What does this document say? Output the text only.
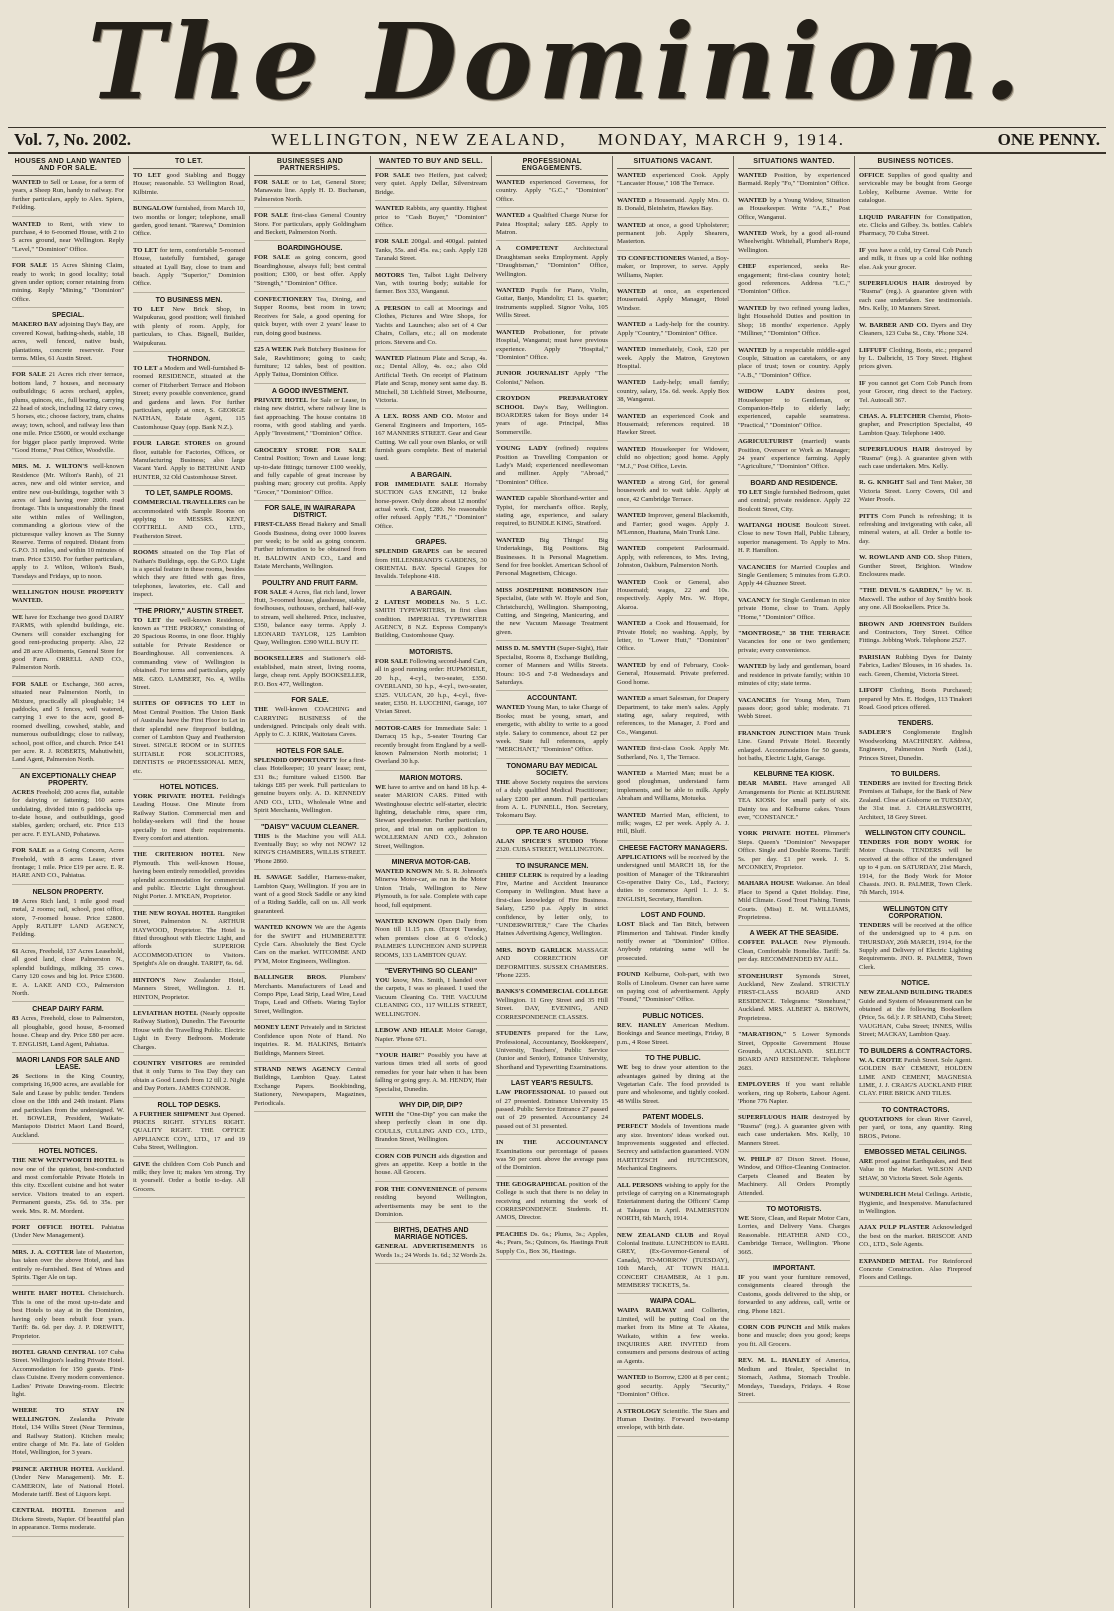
The Dominion.
Vol. 7, No. 2002.	WELLINGTON, NEW ZEALAND, MONDAY, MARCH 9, 1914.	ONE PENNY.
HOUSES AND LAND WANTED AND FOR SALE.
WANTED to Sell or Lease, for a term of years, a Sheep Run, handy to railway. For further particulars, apply to Alex. Spiers, Feilding.
WANTED to Rent, with view to purchase, 4 to 6-roomed House, with 2 to 5 acres ground, near Wellington. Reply "Level," "Dominion" Office.
FOR SALE 15 Acres Shining Claim, ready to work; in good locality; total given under option; corner retaining from mining. Reply "Mining," "Dominion" Office.
SPECIAL.
MAKERO BAY adjoining Day's Bay, are covered Kowai, bathing-sheds, stable, 18 acres, well fenced, native bush, plantations, concrete reservoir. Four terms. Miles, 61 Austin Street.
FOR SALE 21 Acres rich river terrace, bottom land, 7 houses, and necessary outbuildings; 6 acres orchard, apples, plums, quinces, etc., full bearing, carrying 22 head of stock, including 12 dairy cows, 5 horses, etc.; choose factory, tram, chains away; town, school, and railway less than one mile. Price £5600, or would exchange for bigger place partly improved. Write "Good Home," Post Office, Woodville.
MRS. M. J. WILTON'S well-known Residence (Mr. Wilton's Ranh), of 21 acres, new and old winter service, and entire new out-buildings, together with 3 acres of land having over 200ft. road frontage. This is unquestionably the finest site within miles of Wellington, commanding a glorious view of the picturesque valley known as The Sunny Reserve. Terms of required. Distant from G.P.O. 31 miles, and within 10 minutes of tram. Price £3150. For further particulars, apply to J. Wilton, Wilton's Bush, Tuesdays and Fridays, up to noon.
WELLINGTON HOUSE PROPERTY WANTED.
WE have for Exchange two good DAIRY FARMS, with splendid buildings, etc. Owners will consider exchanging for good rent-producing property. Also, 22 and 28 acre Allotments, General Store for good Farm. ORRELL AND CO., Palmerston North.
FOR SALE or Exchange, 360 acres, situated near Palmerston North, in Mixture, practically all ploughable; 14 paddocks, and 5 fences, well watered, carrying 1 ewe to the acre, good 8-roomed dwelling, cowshed, stable, and numerous outbuildings; close to railway, school, post office, and church. Price £41 per acre. R. J. ROBERTS, Mahutiwhiti, Land Agent, Palmerston North.
AN EXCEPTIONALLY CHEAP PROPERTY.
ACRES Freehold; 200 acres flat, suitable for dairying or fattening; 160 acres undulating, divided into 6 paddocks up-to-date house, and outbuildings, good stables, garden; orchard, etc. Price £13 per acre. F. EYLAND, Pohatawa.
FOR SALE as a Going Concern, Acres Freehold, with 8 acres Lease; river frontage; 1 mile. Price £19 per acre. E. R. HARE AND CO., Pahiatua.
NELSON PROPERTY.
10 Acres Rich land, 1 mile good road metal, 2 rooms; rail, school, post office, store, 7-roomed house. Price £2800. Apply RATLIFF LAND AGENCY, Feilding.
61 Acres, Freehold, 137 Acres Leasehold, all good land, close Palmerston N., splendid buildings, milking 35 cows. Carry 120 cows and big lot. Price £3600. E. A. LAKE AND CO., Palmerston North.
CHEAP DAIRY FARM.
83 Acres, Freehold, close to Palmerston, all ploughable, good house, 8-roomed house. Cheap and dry. Price £80 per acre. T. ENGLISH, Land Agent, Pahiatua.
MAORI LANDS FOR SALE AND LEASE.
26 Sections in the King Country, comprising 16,900 acres, are available for Sale and Lease by public tender. Tenders close on the 18th and 24th instant. Plans and particulars from the undersigned. W. H. BOWLER, President, Waikato-Maniapoto District Maori Land Board, Auckland.
HOTEL NOTICES.
THE NEW WENTWORTH HOTEL is now one of the quietest, best-conducted and most comfortable Private Hotels in this city. Excellent cuisine and hot water service. Visitors treated to an expert. Permanent guests, 25s. 6d. to 35s. per week. Mrs. R. M. Mordent.
PORT OFFICE HOTEL Pahiatua (Under New Management).
MRS. J. A. COTTER late of Masterton, has taken over the above Hotel, and has entirely re-furnished. Best of Wines and Spirits. Tiger Ale on tap.
WHITE HART HOTEL Christchurch. This is one of the most up-to-date and best Hotels to stay at in the Dominion, having only been rebuilt four years. Tariff: 8s. 6d. per day. J. P. DREWITT, Proprietor.
HOTEL GRAND CENTRAL 107 Cuba Street. Wellington's leading Private Hotel. Accommodation for 150 guests. First-class Cuisine. Every modern convenience. Ladies' Private Drawing-room. Electric light.
WHERE TO STAY IN WELLINGTON. Zealandia Private Hotel, 134 Willis Street (Near Terminus, and Railway Station). Kitchen meals; entire charge of Mr. Fa. late of Golden Hotel, Wellington, for 3 years.
PRINCE ARTHUR HOTEL Auckland. (Under New Management). Mr. E. CAMERON, late of National Hotel. Moderate tariff. Best of Liquors kept.
CENTRAL HOTEL Emerson and Dickens Streets, Napier. Of beautiful plan in appearance. Terms moderate.
TO LET.
TO LET good Stabling and Buggy House; reasonable. 53 Wellington Road, Kilbirnie.
BUNGALOW furnished, from March 10, two months or longer; telephone, small garden, good tenant. "Rarewa," Dominion Office.
TO LET for term, comfortable 5-roomed House, tastefully furnished, garage situated at Lyall Bay, close to tram and beach. Apply "Superior," Dominion Office.
TO BUSINESS MEN.
TO LET New Brick Shop, in Waipukurau, good position; well finished with plenty of room. Apply, for particulars, to Chas. Bignell, Builder, Waipukurau.
THORNDON.
TO LET a Modern and Well-furnished 8-roomed RESIDENCE, situated at the corner of Fitzherbert Terrace and Hobson Street; every possible convenience, grand and gardens and lawn. For further particulars, apply at once, S. GEORGE NATHAN, Estate Agent, 115 Customhouse Quay (opp. Bank N.Z.).
FOUR LARGE STORES on ground floor, suitable for Factories, Offices, or Manufacturing Business; also large Vacant Yard. Apply to BETHUNE AND HUNTER, 32 Old Customhouse Street.
TO LET, SAMPLE ROOMS.
COMMERCIAL TRAVELLERS can be accommodated with Sample Rooms on applying to MESSRS. KENT, COTTRELL AND CO., LTD., Featherston Street.
ROOMS situated on the Top Flat of Nathan's Buildings, opp. the G.P.O. Light is a special feature in these rooms, besides which they are fitted with gas fires, telephones, lavatories, etc. Call and inspect.
"THE PRIORY," AUSTIN STREET.
TO LET the well-known Residence, known as "THE PRIORY," consisting of 20 Spacious Rooms, in one floor. Highly suitable for Private Residence or Boardinghouse. All conveniences. A commanding view of Wellington is obtained. For terms and particulars, apply MR. GEO. LAMBERT, No. 4, Willis Street.
SUITES OF OFFICES TO LET in Most Central Position. The Union Bank of Australia have the First Floor to Let in their splendid new fireproof building, corner of Lambton Quay and Featherston Street. SINGLE ROOM or in SUITES SUITABLE FOR SOLICITORS, DENTISTS or PROFESSIONAL MEN, etc.
HOTEL NOTICES.
YORK PRIVATE HOTEL Feilding's Leading House. One Minute from Railway Station. Commercial men and holiday-seekers will find the house specially to meet their requirements. Every comfort and attention.
THE CRITERION HOTEL New Plymouth. This well-known House, having been entirely remodelled, provides splendid accommodation for commercial and public. Electric Light throughout. Night Porter. J. M'KEAN, Proprietor.
THE NEW ROYAL HOTEL Rangitikei Street, Palmerston N. ARTHUR HAYWOOD, Proprietor. The Hotel is fitted throughout with Electric Light, and affords SUPERIOR ACCOMMODATION to Visitors. Speight's Ale on draught. TARIFF, 6s. 6d.
HINTON'S New Zealander Hotel, Manners Street, Wellington. J. H. HINTON, Proprietor.
LEVIATHAN HOTEL (Nearly opposite Railway Station), Dunedin. The Favourite House with the Travelling Public. Electric Light in Every Bedroom. Moderate Charges.
COUNTRY VISITORS are reminded that it only Turns to Tea Day they can obtain a Good Lunch from 12 till 2. Night and Day Porters. JAMES CONNOR.
ROLL TOP DESKS.
A FURTHER SHIPMENT Just Opened. PRICES RIGHT. STYLES RIGHT. QUALITY RIGHT. THE OFFICE APPLIANCE COY., LTD., 17 and 19 Cuba Street, Wellington.
GIVE the children Corn Cob Punch and milk; they love it; makes 'em strong. Try it yourself. Order a bottle to-day. All Grocers.
BUSINESSES AND PARTNERSHIPS.
FOR SALE or to Let, General Store; Manawatu line. Apply H. D. Buchanan, Palmerston North.
FOR SALE first-class General Country Store. For particulars, apply Goldingham and Beckett, Palmerston North.
BOARDINGHOUSE.
FOR SALE as going concern, good Boardinghouse, always full; best central position; £300, or best offer. Apply "Strength," "Dominion" Office.
CONFECTIONERY Tea, Dining, and Supper Rooms, best room in town; Receives for Sale, a good opening for quick buyer, with over 2 years' lease to run, doing good business.
£25 A WEEK Park Butchery Business for Sale, Rawhitimore; going to cash; furniture; 12 tables, best of position. Apply Taitua, Dominion Office.
A GOOD INVESTMENT.
PRIVATE HOTEL for Sale or Lease, in rising new district, where railway line is fast approaching. The house contains 18 rooms, with good stabling and yards. Apply "Investment," "Dominion" Office.
GROCERY STORE FOR SALE Central Position; Town and Lease long; up-to-date fittings; turnover £100 weekly, and fully capable of great increase by pushing man; grocery cut profits. Apply "Grocer," "Dominion" Office.
FOR SALE, IN WAIRARAPA DISTRICT.
FIRST-CLASS Bread Bakery and Small Goods Business, doing over 1000 loaves per week; to be sold as going concern. Further information to be obtained from H. BALDWIN AND CO., Land and Estate Merchants, Wellington.
POULTRY AND FRUIT FARM.
FOR SALE 4 Acres, flat rich land, lower Hutt, 3-roomed house, glasshouse, stable, fowlhouses, outhouses, orchard, half-way to stream, well sheltered. Price, inclusive, £350, balance easy terms. Apply J. LEONARD TAYLOR, 125 Lambton Quay, Wellington. £390 WILL BUY IT.
BOOKSELLERS and Stationer's old-established, main street, living rooms, large, cheap rent. Apply BOOKSELLER, P.O. Box 477, Wellington.
FOR SALE.
THE Well-known COACHING and CARRYING BUSINESS of the undersigned. Principals only dealt with. Apply to C. J. KIRK, Waitotara Caves.
HOTELS FOR SALE.
SPLENDID OPPORTUNITY for a first-class Hotelkeeper; 10 years' lease; rent, £31 8s.; furniture valued £1500. Bar takings £85 per week. Full particulars to genuine buyers only. A. D. KENNEDY AND CO., LTD., Wholesale Wine and Spirit Merchants, Wellington.
"DAISY" VACUUM CLEANER.
THIS is the Machine you will ALL Eventually Buy; so why not NOW? 12 KING'S CHAMBERS, WILLIS STREET. 'Phone 2860.
H. SAVAGE Saddler, Harness-maker, Lambton Quay, Wellington. If you are in want of a good Stock Saddle or any kind of a Riding Saddle, call on us. All work guaranteed.
WANTED KNOWN We are the Agents for the SWIFT and HUMBERETTE Cycle Cars. Absolutely the Best Cycle Cars on the market. WITCOMBE AND PYM, Motor Engineers, Wellington.
BALLINGER BROS. Plumbers' Merchants. Manufacturers of Lead and Compo Pipe, Lead Strip, Lead Wire, Lead Traps, Lead and Offsets. Waring Taylor Street, Wellington.
MONEY LENT Privately and in Strictest Confidence upon Note of Hand. No inquiries. R. M. HALKINS, Britain's Buildings, Manners Street.
STRAND NEWS AGENCY Central Buildings, Lambton Quay. Latest Exchange Papers. Bookbinding, Stationery, Newspapers, Magazines, Periodicals.
WANTED TO BUY AND SELL.
FOR SALE two Heifers, just calved; very quiet. Apply Dellar, Silverstream Bridge.
WANTED Rabbits, any quantity. Highest price to "Cash Buyer," "Dominion" Office.
FOR SALE 200gal. and 400gal. painted Tanks, 55s. and 45s. ea.; cash. Apply 128 Taranaki Street.
MOTORS Ten, Talbot Light Delivery Van, with touring body; suitable for farmer. Box 333, Wanganui.
A PERSON to call at Moorings and Clothes, Pictures and Wire Shops, for Yachts and Launches; also set of 4 Oar Chairs, Collars, etc.; all on moderate prices. Stevens and Co.
WANTED Platinum Plate and Scrap, 4s. oz.; Dental Alloy, 4s. oz.; also Old Artificial Teeth. On receipt of Platinum Plate and Scrap, money sent same day. B. Mitchell, 38 Lichfield Street, Melbourne, Victoria.
A LEX. ROSS AND CO. Motor and General Engineers and Importers, 165-167 MANNERS STREET. Gear and Gear Cutting. We call your own Blanks, or will furnish gears complete. Best of material used.
A BARGAIN.
FOR IMMEDIATE SALE Hornsby SUCTION GAS ENGINE, 12 brake horse-power. Only done about 12 months' actual work. Cost, £280. No reasonable offer refused. Apply "F.H.," "Dominion" Office.
GRAPES.
SPLENDID GRAPES can be secured from HILLENBRAND'S GARDENS, 30 ORIENTAL BAY. Special Grapes for Invalids. Telephone 418.
A BARGAIN.
2 LATEST MODELS No. 5 L.C. SMITH TYPEWRITERS, in first class condition. IMPERIAL TYPEWRITER AGENCY, 8 N.Z. Express Company's Building, Customhouse Quay.
MOTORISTS.
FOR SALE Following second-hand Cars, all in good running order: HUPMOBILE, 20 h.p., 4-cyl., two-seater, £350. OVERLAND, 30 h.p., 4-cyl., two-seater, £325. VULCAN, 20 h.p., 4-cyl., five-seater, £350. H. LUCCHINI, Garage, 107 Vivian Street.
MOTOR-CARS for Immediate Sale: 1 Darracq 15 h.p., 5-seater Touring Car recently brought from England by a well-known Palmerston North motorist; 1 Overland 30 h.p.
MARION MOTORS.
WE have to arrive and on hand 18 h.p. 4-seater MARION CARS. Fitted with Westinghouse electric self-starter, electric lighting, detachable rims, spare rim, Stewart speedometer. Further particulars, price, and trial run on application to WOLLERMAN AND CO., Johnston Street, Wellington.
MINERVA MOTOR-CAB.
WANTED KNOWN Mr. S. R. Johnson's Minerva Motor-car, as run in the Motor Union Trials, Wellington to New Plymouth, is for sale. Complete with cape hood, full equipment.
WANTED KNOWN Open Daily from Noon till 11.15 p.m. (Except Tuesday, when premises close at 6 o'clock.) PALMER'S LUNCHEON AND SUPPER ROOMS, 133 LAMBTON QUAY.
"EVERYTHING SO CLEAN!"
YOU know, Mrs. Smith, I handed over the carpets, I was so pleased. I used the Vacuum Cleaning Co. THE VACUUM CLEANING CO., 117 WILLIS STREET, WELLINGTON.
LEBOW AND HEALE Motor Garage, Napier. 'Phone 671.
"YOUR HAIR!" Possibly you have at various times tried all sorts of good remedies for your hair when it has been falling or going grey. A. M. HENDY, Hair Specialist, Dunedin.
WHY DIP, DIP, DIP?
WITH the "One-Dip" you can make the sheep perfectly clean in one dip. COULLS, CULLING AND CO., LTD., Brandon Street, Wellington.
CORN COB PUNCH aids digestion and gives an appetite. Keep a bottle in the house. All Grocers.
FOR THE CONVENIENCE of persons residing beyond Wellington, advertisements may be sent to the Dominion.
BIRTHS, DEATHS AND MARRIAGE NOTICES.
GENERAL ADVERTISEMENTS 16 Words 1s.; 24 Words 1s. 6d.; 32 Words 2s.
PROFESSIONAL ENGAGEMENTS.
WANTED experienced Governess, for country. Apply "G.C.," "Dominion" Office.
WANTED a Qualified Charge Nurse for Patea Hospital; salary £85. Apply to Matron.
A COMPETENT Architectural Draughtsman seeks Employment. Apply "Draughtsman," "Dominion" Office, Wellington.
WANTED Pupils for Piano, Violin, Guitar, Banjo, Mandolin; £1 1s. quarter; instruments supplied. Signor Volta, 105 Willis Street.
WANTED Probationer, for private Hospital, Wanganui; must have previous experience. Apply "Hospital," "Dominion" Office.
JUNIOR JOURNALIST Apply "The Colonist," Nelson.
CROYDON PREPARATORY SCHOOL Day's Bay, Wellington. BOARDERS taken for Boys under 14 years of age. Principal, Miss Sommerville.
YOUNG LADY (refined) requires Position as Travelling Companion or Lady's Maid; experienced needlewoman and milliner. Apply "Abroad," "Dominion" Office.
WANTED capable Shorthand-writer and Typist, for merchant's office. Reply, stating age, experience, and salary required, to BUNDLE KING, Stratford.
WANTED Big Things! Big Undertakings, Big Positions. Big Businesses. It is Personal Magnetism. Send for free booklet. American School of Personal Magnetism, Chicago.
MISS JOSEPHINE ROBINSON Hair Specialist, (late with W. Hoyle and Son, Christchurch), Wellington. Shampooing, Cutting, and Singeing, Manicuring, and the new Vacuum Massage Treatment given.
MISS D. M. SMYTH (Super-Sight), Hair Specialist, Rooms 8, Exchange Building, corner of Manners and Willis Streets. Hours: 10-5 and 7-8 Wednesdays and Saturdays.
ACCOUNTANT.
WANTED Young Man, to take Charge of Books; must be young, smart, and energetic, with ability to write to a good style. Salary to commence, about £2 per week. State full references, apply "MERCHANT," "Dominion" Office.
TONOMARU BAY MEDICAL SOCIETY.
THE above Society requires the services of a duly qualified Medical Practitioner; salary £200 per annum. Full particulars from A. L. FUNNELL, Hon. Secretary, Tokomaru Bay.
OPP. TE ARO HOUSE.
ALAN SPICER'S STUDIO 'Phone 2320. CUBA STREET, WELLINGTON.
TO INSURANCE MEN.
CHIEF CLERK is required by a leading Fire, Marine and Accident Insurance Company in Wellington. Must have a first-class knowledge of Fire Business. Salary, £250 p.a. Apply in strict confidence, by letter only, to "UNDERWRITER," Care The Charles Haines Advertising Agency, Wellington.
MRS. BOYD GARLICK MASSAGE AND CORRECTION OF DEFORMITIES. SUSSEX CHAMBERS. 'Phone 2235.
BANKS'S COMMERCIAL COLLEGE Wellington. 11 Grey Street and 35 Hill Street. DAY, EVENING, AND CORRESPONDENCE CLASSES.
STUDENTS prepared for the Law, Professional, Accountancy, Bookkeepers', University, Teachers', Public Service (Junior and Senior), Entrance University, Shorthand and Typewriting Examinations.
LAST YEAR'S RESULTS.
LAW PROFESSIONAL 10 passed out of 27 presented. Entrance University 15 passed. Public Service Entrance 27 passed out of 29 presented. Accountancy 24 passed out of 31 presented.
IN THE ACCOUNTANCY Examinations our percentage of passes was 50 per cent. above the average pass of the Dominion.
THE GEOGRAPHICAL position of the College is such that there is no delay in receiving and returning the work of CORRESPONDENCE Students. H. AMOS, Director.
PEACHES Ds. 6s.; Plums, 3s.; Apples, 4s.; Pears, 5s.; Quinces, 6s. Hastings Fruit Supply Co., Box 36, Hastings.
SITUATIONS VACANT.
WANTED experienced Cook. Apply "Lancaster House," 108 The Terrace.
WANTED a Housemaid. Apply Mrs. O. B. Donald, Bleinheim, Hawkes Bay.
WANTED at once, a good Upholsterer; permanent job. Apply Shearers, Masterton.
TO CONFECTIONERS Wanted, a Boy-maker, or Improver, to serve. Apply Williams, Napier.
WANTED at once, an experienced Housemaid. Apply Manager, Hotel Windsor.
WANTED a Lady-help for the country. Apply "Country," "Dominion" Office.
WANTED immediately, Cook, £20 per week. Apply the Matron, Greytown Hospital.
WANTED Lady-help; small family; country, salary, 15s. 6d. week. Apply Box 38, Wanganui.
WANTED an experienced Cook and Housemaid; references required. 18 Hawker Street.
WANTED Housekeeper for Widower, child no objection; good home. Apply "M.J.," Post Office, Levin.
WANTED a strong Girl, for general housework and to wait table. Apply at once, 42 Cambridge Terrace.
WANTED Improver, general Blacksmith, and Farrier; good wages. Apply J. M'Lennon, Huatuna, Main Trunk Line.
WANTED competent Parlourmaid. Apply, with references, to Mrs. Irving, Johnston, Oakburn, Palmerston North.
WANTED Cook or General, also Housemaid; wages, 22 and 10s. respectively. Apply Mrs. W. Hope, Akaroa.
WANTED a Cook and Housemaid, for Private Hotel; no washing. Apply, by letter, to "Lower Hutt," "Dominion" Office.
WANTED by end of February, Cook-General, Housemaid. Private preferred. Good home.
WANTED a smart Salesman, for Drapery Department, to take men's sales. Apply stating age, salary required, with references, to the Manager, J. Ford and Co., Wanganui.
WANTED first-class Cook. Apply Mr. Sutherland, No. 1, The Terrace.
WANTED a Married Man; must be a good ploughman, understand farm implements, and be able to milk. Apply Abraham and Williams, Motueka.
WANTED Married Man, efficient, to milk; wages, £2 per week. Apply A. J. Hill, Bluff.
CHEESE FACTORY MANAGERS.
APPLICATIONS will be received by the undersigned until MARCH 18, for the position of Manager of the Tikirarauhiri Co-operative Dairy Co., Ltd., Factory; duties to commence April 1. J. S. ENGLISH, Secretary, Hamilton.
LOST AND FOUND.
LOST Black and Tan Bitch, between Plimmerton and Tahiwai. Finder kindly notify owner at "Dominion" Office. Anybody retaining same will be prosecuted.
FOUND Kelburne, Ooh-part, with two Rolls of Linoleum. Owner can have same on paying cost of advertisement. Apply "Found," "Dominion" Office.
PUBLIC NOTICES.
REV. HANLEY American Medium. Bookings and Seance meetings, Friday, 8 p.m., 4 Rose Street.
TO THE PUBLIC.
WE beg to draw your attention to the advantages gained by dining at the Vegetarian Cafe. The food provided is pure and wholesome, and tightly cooked. 48 Willis Street.
PATENT MODELS.
PERFECT Models of Inventions made any size. Inventors' ideas worked out. Improvements suggested and effected. Secrecy and satisfaction guaranteed. VON HARTITZSCH and HUTCHESON, Mechanical Engineers.
ALL PERSONS wishing to apply for the privilege of carrying on a Kinematograph Entertainment during the Officers' Camp at Takapau in April. PALMERSTON NORTH, 6th March, 1914.
NEW ZEALAND CLUB and Royal Colonial Institute. LUNCHEON to EARL GREY, (Ex-Governor-General of Canada), TO-MORROW (TUESDAY), 10th March, AT TOWN HALL CONCERT CHAMBER, At 1 p.m. MEMBERS' TICKETS, 5s.
WAIPA COAL.
WAIPA RAILWAY and Collieries, Limited, will be putting Coal on the market from its Mine at Te Akatea, Waikato, within a few weeks. INQUIRIES ARE INVITED from consumers and persons desirous of acting as Agents.
WANTED to Borrow, £200 at 8 per cent.; good security. Apply "Security," "Dominion" Office.
A STROLOGY Scientific. The Stars and Human Destiny. Forward two-stamp envelope, with birth date.
SITUATIONS WANTED.
WANTED Position, by experienced Barmaid. Reply "Fo," "Dominion" Office.
WANTED by a Young Widow, Situation as Housekeeper. Write "A.E.," Post Office, Wanganui.
WANTED Work, by a good all-round Wheelwright. Whitehall, Plumber's Rope, Wellington.
CHEF experienced, seeks Re-engagement; first-class country hotel; good references. Address "I.C.," "Dominion" Office.
WANTED by two refined young ladies, light Household Duties and position in Shop; 18 months' experience. Apply "Milliner," "Dominion" Office.
WANTED by a respectable middle-aged Couple, Situation as caretakers, or any place of trust; town or country. Apply "A.B.," "Dominion" Office.
WIDOW LADY desires post, Housekeeper to Gentleman, or Companion-Help to elderly lady; experienced, capable seamstress. "Practical," "Dominion" Office.
AGRICULTURIST (married) wants Position, Overseer or Work as Manager; 24 years' experience farming. Apply "Agriculture," "Dominion" Office.
BOARD AND RESIDENCE.
TO LET Single furnished Bedroom, quiet and central; private residence. Apply 22 Boulcott Street, City.
WAITANGI HOUSE Boulcott Street. Close to new Town Hall, Public Library, superior management. To Apply to Mrs. H. P. Hamilton.
VACANCIES for Married Couples and Single Gentlemen; 5 minutes from G.P.O. Apply 44 Ghuznee Street.
VACANCY for Single Gentleman in nice private Home, close to Tram. Apply "Home," "Dominion" Office.
"MONTROSE," 38 THE TERRACE Vacancies for one or two gentlemen; private; every convenience.
WANTED by lady and gentleman, board and residence in private family; within 10 minutes of city; state terms.
VACANCIES for Young Men, Tram passes door; good table; moderate. 71 Webb Street.
FRANKTON JUNCTION Main Trunk Line. Grand Private Hotel. Recently enlarged. Accommodation for 50 guests, hot baths, Electric Light, Garage.
KELBURNE TEA KIOSK.
DEAR MABEL Have arranged All Arrangements for Picnic at KELBURNE TEA KIOSK for small party of six. Dainty tea and Kelburne cakes. Yours ever, "CONSTANCE."
YORK PRIVATE HOTEL Plimmer's Steps. Queen's "Dominion" Newspaper Office. Single and Double Rooms. Tariff: 5s. per day. £1 per week. J. S. M'CONKEY, Proprietor.
MAHARA HOUSE Waikanae. An Ideal Place to Spend a Quiet Holiday. Fine, Mild Climate. Good Trout Fishing. Tennis Courts. (Miss) E. M. WILLIAMS, Proprietress.
A WEEK AT THE SEASIDE.
COFFEE PALACE New Plymouth. Clean, Comfortable Homelike. Tariff: 5s. per day. RECOMMENDED BY ALL.
STONEHURST Symonds Street, Auckland, New Zealand. STRICTLY FIRST-CLASS BOARD AND RESIDENCE. Telegrams: "Stonehurst," Auckland. MRS. ALBERT A. BROWN, Proprietress.
"MARATHON," 5 Lower Symonds Street, Opposite Government House Grounds, AUCKLAND. SELECT BOARD AND RESIDENCE. Telephone 2683.
EMPLOYERS If you want reliable workers, ring up Roberts, Labour Agent. 'Phone 776 Napier.
SUPERFLUOUS HAIR destroyed by "Rusma" (reg.). A guarantee given with each case undertaken. Mrs. Kelly, 10 Manners Street.
W. PHILP 87 Dixon Street. House, Window, and Office-Cleaning Contractor. Carpets Cleaned and Beaten by Machinery. All Orders Promptly Attended.
TO MOTORISTS.
WE Store, Clean, and Repair Motor Cars, Lorries, and Delivery Vans. Charges Reasonable. HEATHER AND CO., Cambridge Terrace, Wellington. 'Phone 3665.
IMPORTANT.
IF you want your furniture removed, consignments cleared through the Customs, goods delivered to the ship, or forwarded to any address, call, write or ring. Phone 1821.
CORN COB PUNCH and Milk makes bone and muscle; does you good; keeps you fit. All Grocers.
REV. M. L. HANLEY of America, Medium and Healer, Specialist in Stomach, Asthma, Stomach Trouble. Mondays, Tuesdays, Fridays. 4 Rose Street.
BUSINESS NOTICES.
OFFICE Supplies of good quality and serviceable may be bought from George Lobley, Kelburne Avenue. Write for catalogue.
LIQUID PARAFFIN for Constipation, etc. Clicks and Gilbey. 3s. bottles. Cable's Pharmacy, 70 Cuba Street.
IF you have a cold, try Cereal Cob Punch and milk, it fixes up a cold like nothing else. Ask your grocer.
SUPERFLUOUS HAIR destroyed by "Rusma" (reg.). A guarantee given with each case undertaken. See testimonials. Mrs. Kelly, 10 Manners Street.
W. BARBER AND CO. Dyers and Dry Cleaners, 123 Cuba St., City. 'Phone 324.
LIFFUFF Clothing, Boots, etc.; prepared by L. Dalbricht, 15 Tory Street. Highest prices given.
IF you cannot get Corn Cob Punch from your Grocer, ring direct to the Factory. Tel. Autocall 367.
CHAS. A. FLETCHER Chemist, Photo-grapher, and Prescription Specialist, 49 Lambton Quay. Telephone 1400.
SUPERFLUOUS HAIR destroyed by "Rusma" (reg.). A guarantee given with each case undertaken. Mrs. Kelly.
R. G. KNIGHT Sail and Tent Maker, 38 Victoria Street. Lorry Covers, Oil and Water Proofs.
PITTS Corn Punch is refreshing; it is refreshing and invigorating with cake, all mineral waters, at all. Order a bottle to-day.
W. ROWLAND AND CO. Shop Fitters, Gunther Street, Brighton. Window Enclosures made.
"THE DEVIL'S GARDEN," by W. B. Maxwell. The author of Joy Smith's book any one. All Booksellers. Price 3s.
BROWN AND JOHNSTON Builders and Contractors, Tory Street. Office Fittings. Jobbing Work. Telephone 2527.
PARISIAN Rubbing Dyes for Dainty Fabrics, Ladies' Blouses, in 16 shades. 1s. each. Green, Chemist, Victoria Street.
LIFOFF Clothing, Boots Purchased; prepared by Mrs. E. Hodges, 113 Tinakori Road. Good prices offered.
TENDERS.
SADLER'S Conglomerate English Woodworking MACHINERY. Address, Engineers, Palmerston North (Ltd.), Princes Street, Dunedin.
TO BUILDERS.
TENDERS are invited for Erecting Brick Premises at Taihape, for the Bank of New Zealand. Close at Gisborne on TUESDAY, the 31st inst. J. CHARLESWORTH, Architect, 18 Grey Street.
WELLINGTON CITY COUNCIL.
TENDERS FOR BODY WORK for Motor Chassis. TENDERS will be received at the office of the undersigned up to 4 p.m. on SATURDAY, 21st March, 1914, for the Body Work for Motor Chassis. JNO. R. PALMER, Town Clerk. 7th March, 1914.
WELLINGTON CITY CORPORATION.
TENDERS will be received at the office of the undersigned up to 4 p.m. on THURSDAY, 26th MARCH, 1914, for the Supply and Delivery of Electric Lighting Requirements. JNO. R. PALMER, Town Clerk.
NOTICE.
NEW ZEALAND BUILDING TRADES Guide and System of Measurement can be obtained at the following Booksellers (Price, 5s. 6d.): J. P. SHAND, Cuba Street; VAUGHAN, Cuba Street; INNES, Willis Street; MACKAY, Lambton Quay.
TO BUILDERS & CONTRACTORS.
W. A. CROTIE Parish Street. Sole Agent. GOLDEN BAY CEMENT, HOLDEN LIME AND CEMENT, MAGNESIA LIME, J. J. CRAIG'S AUCKLAND FIRE CLAY. FIRE BRICK AND TILES.
TO CONTRACTORS.
QUOTATIONS for clean River Gravel, per yard, or tons, any quantity. Ring BROS., Petone.
EMBOSSED METAL CEILINGS.
ARE proof against Earthquakes, and Best Value in the Market. WILSON AND SHAW, 30 Victoria Street. Sole Agents.
WUNDERLICH Metal Ceilings. Artistic, Hygienic, and Inexpensive. Manufactured in Wellington.
AJAX PULP PLASTER Acknowledged the best on the market. BRISCOE AND CO., LTD., Sole Agents.
EXPANDED METAL For Reinforced Concrete Construction. Also Fireproof Floors and Ceilings.
